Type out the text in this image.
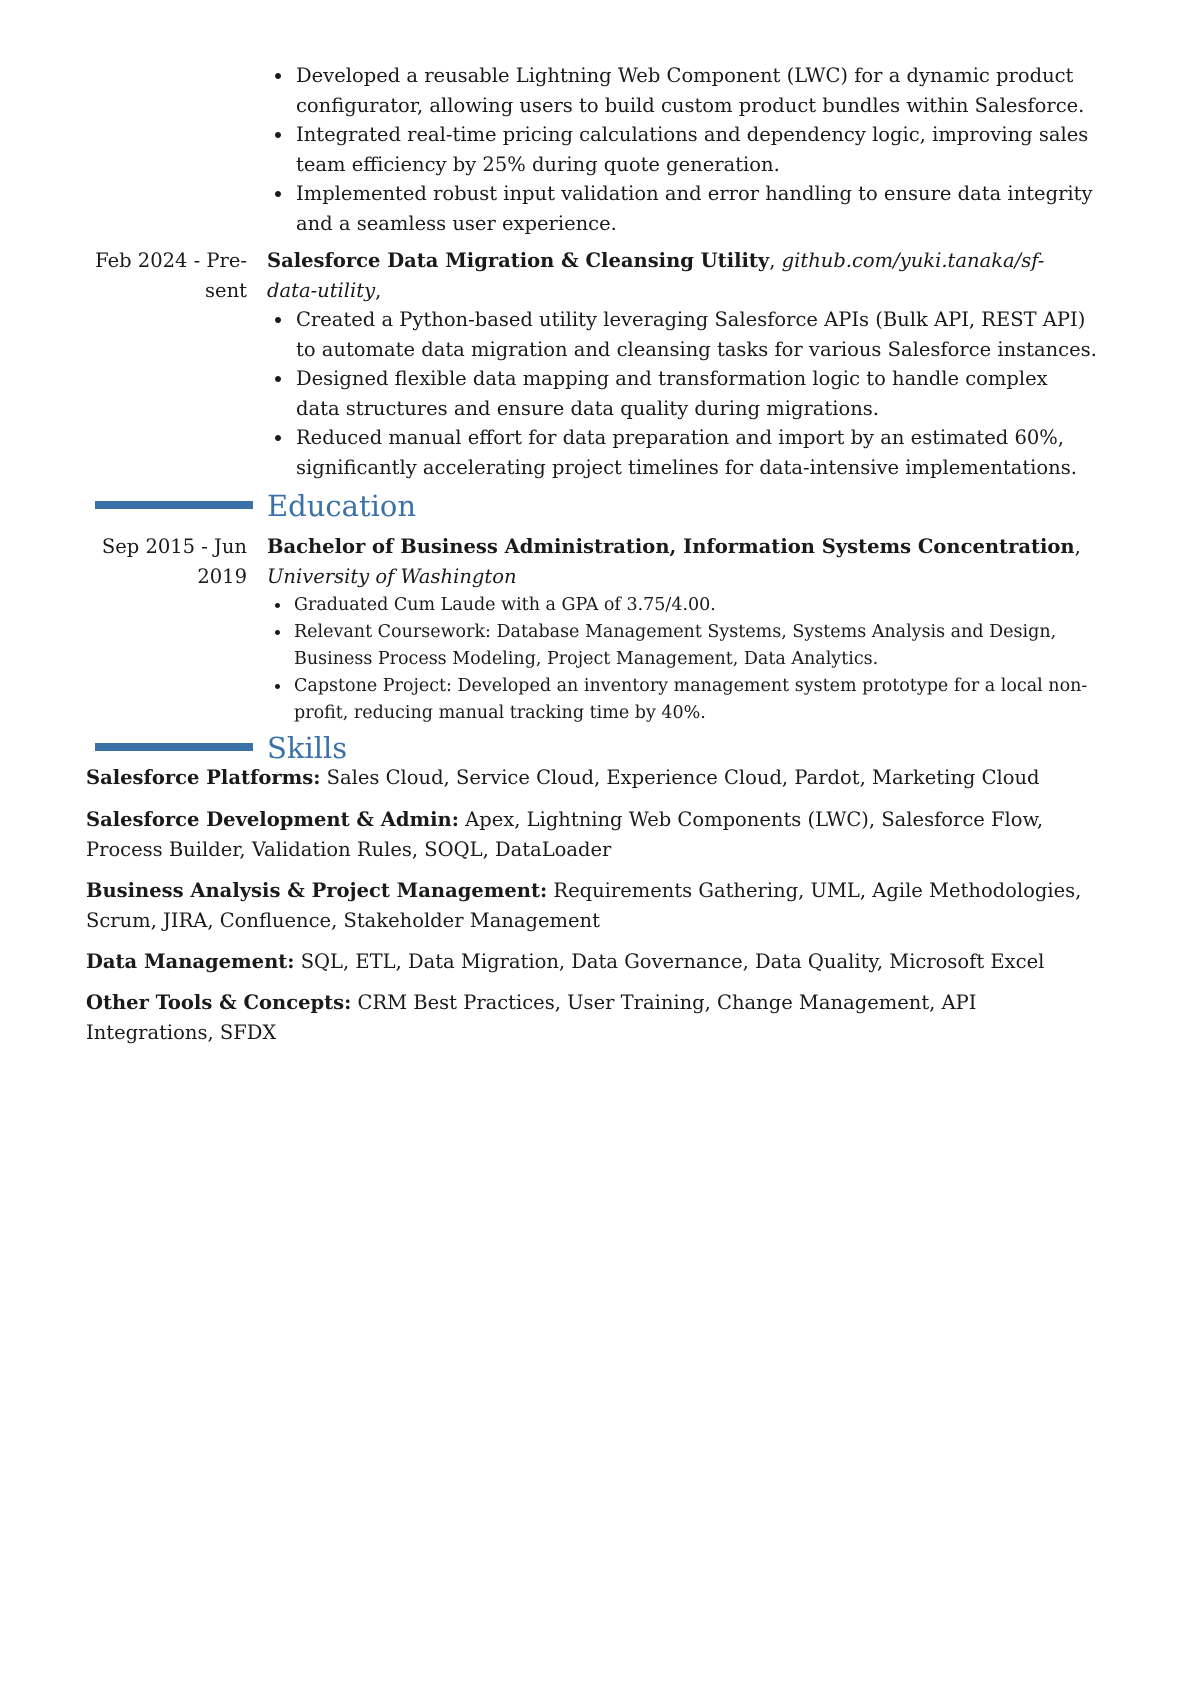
Developed a reusable Lightning Web Component (LWC) for a dynamic product configurator, allowing users to build custom product bundles within Salesforce.
Integrated real-time pricing calculations and dependency logic, improving sales team efficiency by 25% during quote generation.
Implemented robust input validation and error handling to ensure data integrity and a seamless user experience.
Feb 2024 - Pre-
sent
Salesforce Data Migration & Cleansing Utility, github.com/yuki.tanaka/sf-data-utility,
Created a Python-based utility leveraging Salesforce APIs (Bulk API, REST API) to automate data migration and cleansing tasks for various Salesforce instances.
Designed flexible data mapping and transformation logic to handle complex data structures and ensure data quality during migrations.
Reduced manual effort for data preparation and import by an estimated 60%, significantly accelerating project timelines for data-intensive implementations.
Education
Sep 2015 - Jun
2019
Bachelor of Business Administration, Information Systems Concentration,
University of Washington
Graduated Cum Laude with a GPA of 3.75/4.00.
Relevant Coursework: Database Management Systems, Systems Analysis and Design, Business Process Modeling, Project Management, Data Analytics.
Capstone Project: Developed an inventory management system prototype for a local non-profit, reducing manual tracking time by 40%.
Skills
Salesforce Platforms: Sales Cloud, Service Cloud, Experience Cloud, Pardot, Marketing Cloud
Salesforce Development & Admin: Apex, Lightning Web Components (LWC), Salesforce Flow, Process Builder, Validation Rules, SOQL, DataLoader
Business Analysis & Project Management: Requirements Gathering, UML, Agile Methodologies, Scrum, JIRA, Confluence, Stakeholder Management
Data Management: SQL, ETL, Data Migration, Data Governance, Data Quality, Microsoft Excel
Other Tools & Concepts: CRM Best Practices, User Training, Change Management, API Integrations, SFDX
